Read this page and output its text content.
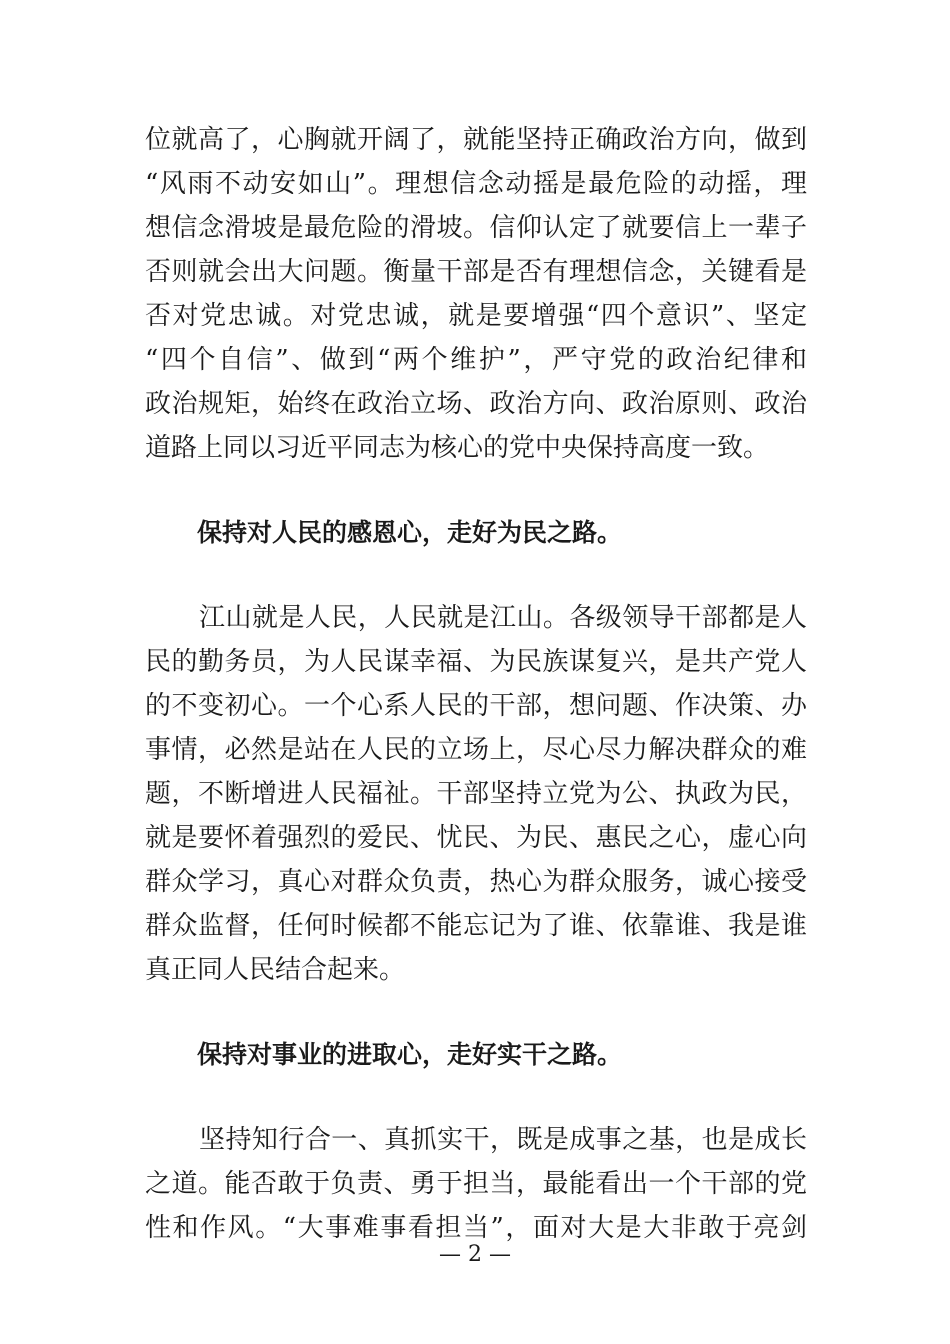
位就高了，心胸就开阔了，就能坚持正确政治方向，做到
“风雨不动安如山”。理想信念动摇是最危险的动摇，理
想信念滑坡是最危险的滑坡。信仰认定了就要信上一辈子
否则就会出大问题。衡量干部是否有理想信念，关键看是
否对党忠诚。对党忠诚，就是要增强“四个意识”、坚定
“四个自信”、做到“两个维护”，严守党的政治纪律和
政治规矩，始终在政治立场、政治方向、政治原则、政治
道路上同以习近平同志为核心的党中央保持高度一致。
保持对人民的感恩心，走好为民之路。
江山就是人民，人民就是江山。各级领导干部都是人
民的勤务员，为人民谋幸福、为民族谋复兴，是共产党人
的不变初心。一个心系人民的干部，想问题、作决策、办
事情，必然是站在人民的立场上，尽心尽力解决群众的难
题，不断增进人民福祉。干部坚持立党为公、执政为民，
就是要怀着强烈的爱民、忧民、为民、惠民之心，虚心向
群众学习，真心对群众负责，热心为群众服务，诚心接受
群众监督，任何时候都不能忘记为了谁、依靠谁、我是谁
真正同人民结合起来。
保持对事业的进取心，走好实干之路。
坚持知行合一、真抓实干，既是成事之基，也是成长
之道。能否敢于负责、勇于担当，最能看出一个干部的党
性和作风。“大事难事看担当”，面对大是大非敢于亮剑
— 2 —
